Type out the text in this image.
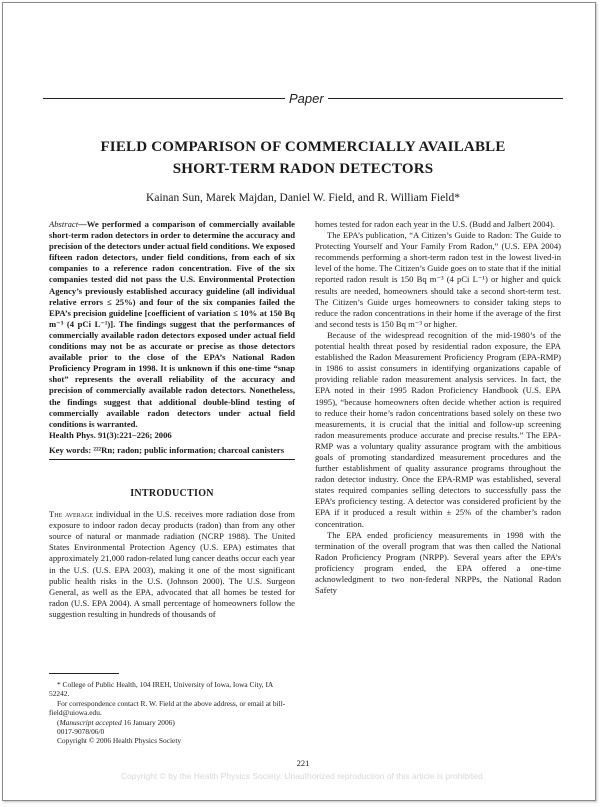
Paper
FIELD COMPARISON OF COMMERCIALLY AVAILABLE
SHORT-TERM RADON DETECTORS

Kainan Sun, Marek Majdan, Daniel W. Field, and R. William Field*

Abstract—We performed a comparison of commercially available short-term radon detectors in order to determine the accuracy and precision of the detectors under actual field conditions. We exposed fifteen radon detectors, under field conditions, from each of six companies to a reference radon concentration. Five of the six companies tested did not pass the U.S. Environmental Protection Agency’s previously established accuracy guideline (all individual relative errors ≤ 25%) and four of the six companies failed the EPA’s precision guideline [coefficient of variation ≤ 10% at 150 Bq m⁻³ (4 pCi L⁻¹)]. The findings suggest that the performances of commercially available radon detectors exposed under actual field conditions may not be as accurate or precise as those detectors available prior to the close of the EPA’s National Radon Proficiency Program in 1998. It is unknown if this one-time “snap shot” represents the overall reliability of the accuracy and precision of commercially available radon detectors. Nonetheless, the findings suggest that additional double-blind testing of commercially available radon detectors under actual field conditions is warranted.

Health Phys. 91(3):221–226; 2006

Key words: ²²²Rn; radon; public information; charcoal canisters

INTRODUCTION

The average individual in the U.S. receives more radiation dose from exposure to indoor radon decay products (radon) than from any other source of natural or manmade radiation (NCRP 1988). The United States Environmental Protection Agency (U.S. EPA) estimates that approximately 21,000 radon-related lung cancer deaths occur each year in the U.S. (U.S. EPA 2003), making it one of the most significant public health risks in the U.S. (Johnson 2000). The U.S. Surgeon General, as well as the EPA, advocated that all homes be tested for radon (U.S. EPA 2004). A small percentage of homeowners follow the suggestion resulting in hundreds of thousands of

homes tested for radon each year in the U.S. (Budd and Jalbert 2004).

The EPA’s publication, “A Citizen’s Guide to Radon: The Guide to Protecting Yourself and Your Family From Radon,” (U.S. EPA 2004) recommends performing a short-term radon test in the lowest lived-in level of the home. The Citizen’s Guide goes on to state that if the initial reported radon result is 150 Bq m⁻³ (4 pCi L⁻¹) or higher and quick results are needed, homeowners should take a second short-term test. The Citizen’s Guide urges homeowners to consider taking steps to reduce the radon concentrations in their home if the average of the first and second tests is 150 Bq m⁻³ or higher.

Because of the widespread recognition of the mid-1980’s of the potential health threat posed by residential radon exposure, the EPA established the Radon Measurement Proficiency Program (EPA-RMP) in 1986 to assist consumers in identifying organizations capable of providing reliable radon measurement analysis services. In fact, the EPA noted in their 1995 Radon Proficiency Handbook (U.S. EPA 1995), “because homeowners often decide whether action is required to reduce their home’s radon concentrations based solely on these two measurements, it is crucial that the initial and follow-up screening radon measurements produce accurate and precise results.” The EPA-RMP was a voluntary quality assurance program with the ambitious goals of promoting standardized measurement procedures and the further establishment of quality assurance programs throughout the radon detector industry. Once the EPA-RMP was established, several states required companies selling detectors to successfully pass the EPA’s proficiency testing. A detector was considered proficient by the EPA if it produced a result within ± 25% of the chamber’s radon concentration.

The EPA ended proficiency measurements in 1998 with the termination of the overall program that was then called the National Radon Proficiency Program (NRPP). Several years after the EPA’s proficiency program ended, the EPA offered a one-time acknowledgment to two non-federal NRPPs, the National Radon Safety

* College of Public Health, 104 IREH, University of Iowa, Iowa City, IA 52242.

For correspondence contact R. W. Field at the above address, or email at bill-field@uiowa.edu.

(Manuscript accepted 16 January 2006)

0017-9078/06/0

Copyright © 2006 Health Physics Society

221
Copyright © by the Health Physics Society. Unauthorized reproduction of this article is prohibited.
